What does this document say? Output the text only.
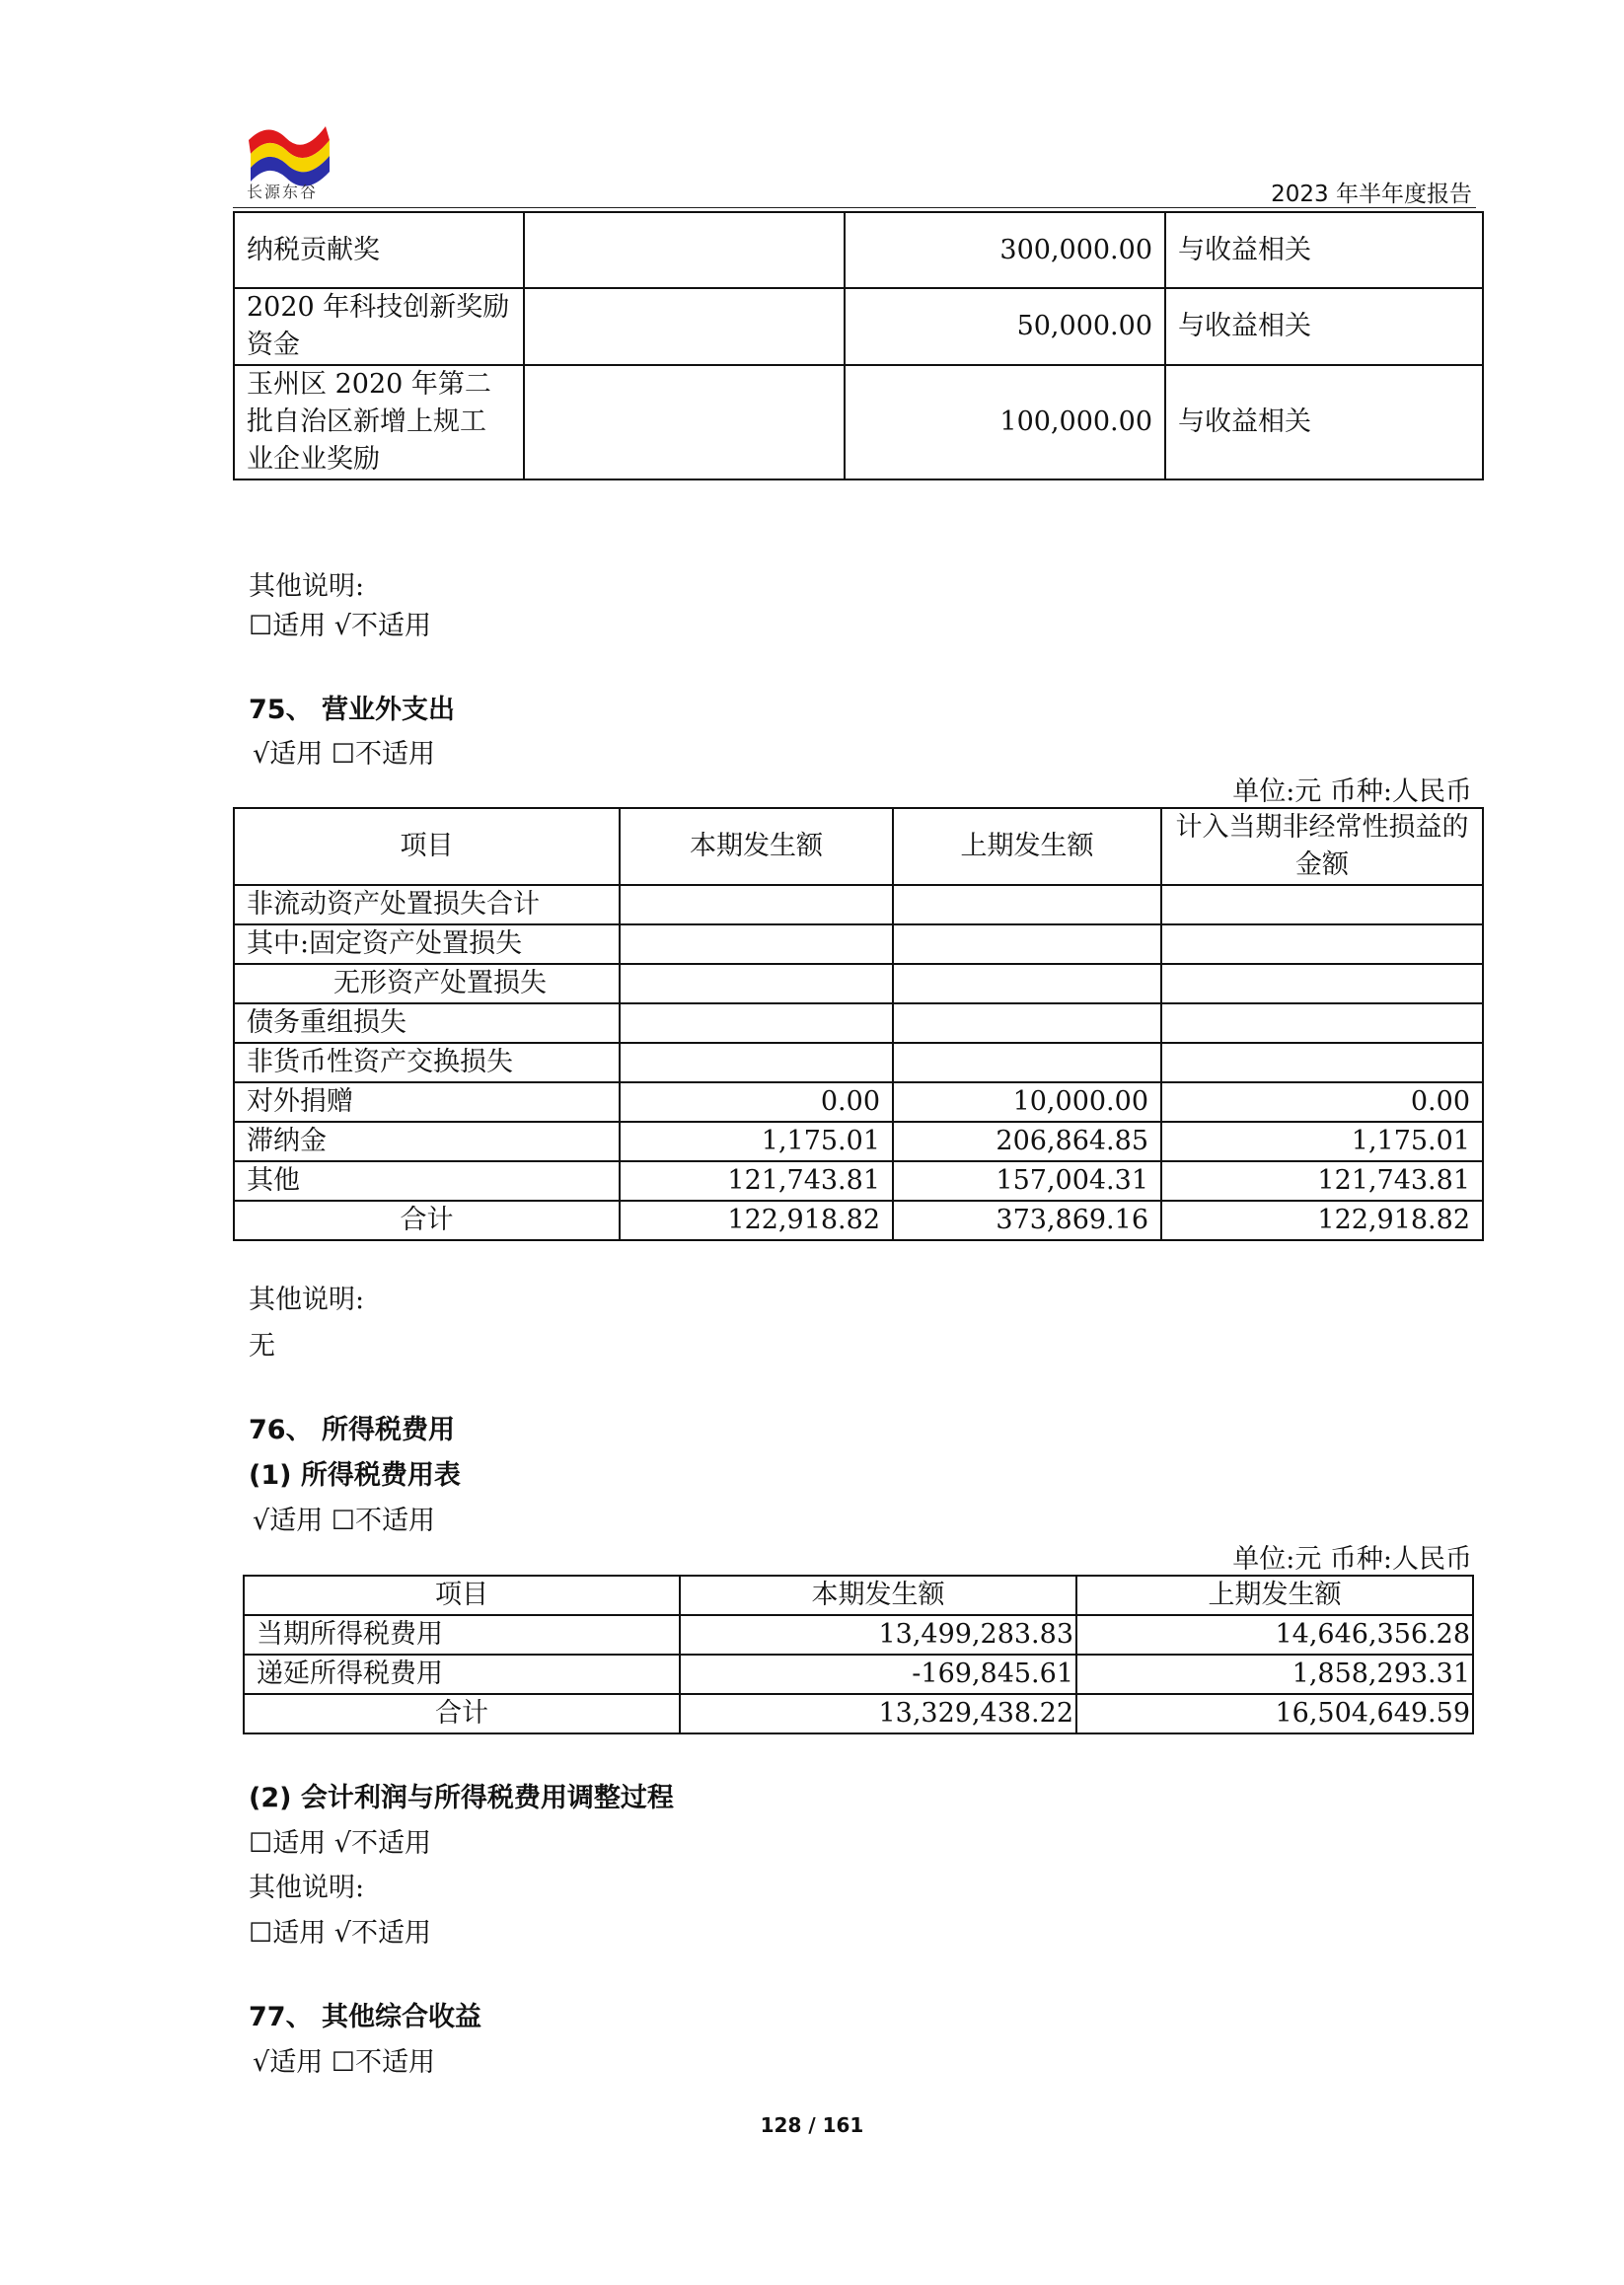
长源东谷	2023 年半年度报告
纳税贡献奖		300,000.00	与收益相关
2020 年科技创新奖励资金		50,000.00	与收益相关
玉州区 2020 年第二批自治区新增上规工业企业奖励		100,000.00	与收益相关
其他说明:
☐适用 √不适用
75、 营业外支出
√适用 ☐不适用
单位:元 币种:人民币
项目	本期发生额	上期发生额	计入当期非经常性损益的金额
非流动资产处置损失合计			
其中:固定资产处置损失			
无形资产处置损失			
债务重组损失			
非货币性资产交换损失			
对外捐赠	0.00	10,000.00	0.00
滞纳金	1,175.01	206,864.85	1,175.01
其他	121,743.81	157,004.31	121,743.81
合计	122,918.82	373,869.16	122,918.82
其他说明:
无
76、 所得税费用
(1) 所得税费用表
√适用 ☐不适用
单位:元 币种:人民币
项目	本期发生额	上期发生额
当期所得税费用	13,499,283.83	14,646,356.28
递延所得税费用	-169,845.61	1,858,293.31
合计	13,329,438.22	16,504,649.59
(2) 会计利润与所得税费用调整过程
☐适用 √不适用
其他说明:
☐适用 √不适用
77、 其他综合收益
√适用 ☐不适用
128 / 161
